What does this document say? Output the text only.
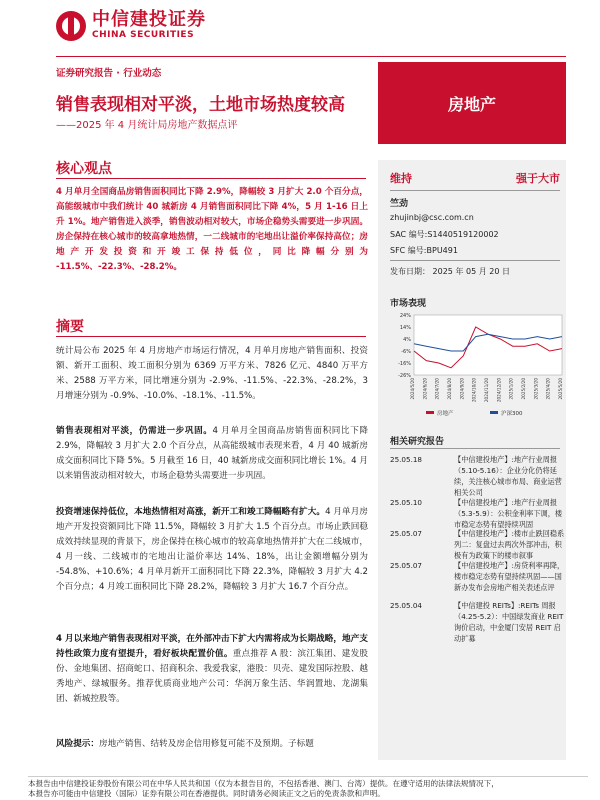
中信建投证券
CHINA SECURITIES
证券研究报告 · 行业动态
销售表现相对平淡，土地市场热度较高
——2025 年 4 月统计局房地产数据点评
房地产
核心观点
4 月单月全国商品房销售面积同比下降 2.9%，降幅较 3 月扩大 2.0 个百分点，高能级城市中我们统计 40 城新房 4 月销售面积同比下降 4%，5 月 1-16 日上升 1%。地产销售进入淡季，销售波动相对较大，市场企稳势头需要进一步巩固。房企保持在核心城市的较高拿地热情，一二线城市的宅地出让溢价率保持高位；房地产开发投资和开竣工保持低位，同比降幅分别为 -11.5%、-22.3%、-28.2%。
摘要
统计局公布 2025 年 4 月房地产市场运行情况，4 月单月房地产销售面积、投资额、新开工面积、竣工面积分别为 6369 万平方米、7826 亿元、4840 万平方米、2588 万平方米，同比增速分别为 -2.9%、-11.5%、-22.3%、-28.2%，3 月增速分别为 -0.9%、-10.0%、-18.1%、-11.5%。
销售表现相对平淡，仍需进一步巩固。4 月单月全国商品房销售面积同比下降 2.9%，降幅较 3 月扩大 2.0 个百分点，从高能级城市表现来看，4 月 40 城新房成交面积同比下降 5%。5 月截至 16 日，40 城新房成交面积同比增长 1%。4 月以来销售波动相对较大，市场企稳势头需要进一步巩固。
投资增速保持低位，本地热情相对高涨，新开工和竣工降幅略有扩大。4 月单月房地产开发投资额同比下降 11.5%，降幅较 3 月扩大 1.5 个百分点。市场止跌回稳成效持续显现的背景下，房企保持在核心城市的较高拿地热情并扩大在二线城市，4 月一线、二线城市的宅地出让溢价率达 14%、18%，出让金额增幅分别为 -54.8%、+10.6%；4 月单月新开工面积同比下降 22.3%，降幅较 3 月扩大 4.2 个百分点；4 月竣工面积同比下降 28.2%，降幅较 3 月扩大 16.7 个百分点。
4 月以来地产销售表现相对平淡，在外部冲击下扩大内需将成为长期战略，地产支持性政策力度有望提升，看好板块配置价值。重点推荐 A 股：滨江集团、建发股份、金地集团、招商蛇口、招商积余、我爱我家，港股：贝壳、建发国际控股、越秀地产、绿城服务。推荐优质商业地产公司：华润万象生活、华润置地、龙湖集团、新城控股等。
风险提示：房地产销售、结转及房企信用修复可能不及预期。子标题
维持	强于大市
竺劲
zhujinbj@csc.com.cn
SAC 编号:S1440519120002
SFC 编号:BPU491
发布日期： 2025 年 05 月 20 日
市场表现
24%
14%
4%
-6%
-16%
-26%
2024/5/20 2024/6/20 2024/7/20 2024/8/20 2024/9/20 2024/10/20 2024/11/20 2024/12/20 2025/1/20 2025/2/20 2025/3/20 2025/4/20 2025/5/20
房地产	沪深300
相关研究报告
25.05.18	【中信建投地产】:地产行业周报（5.10-5.16）：企业分化仍将延续，关注核心城市布局、商业运营相关公司
25.05.10	【中信建投地产】:地产行业周报（5.3-5.9）：公积金利率下调，楼市稳定态势有望持续巩固
25.05.07	【中信建投地产】:楼市止跌回稳系列二：复盘过去两次外部冲击，积极有为政策下的楼市叙事
25.05.07	【中信建投地产】:房贷利率再降，楼市稳定态势有望持续巩固——国新办发布会房地产相关表述点评
25.05.04	【中信建投 REITs】:REITs 周报（4.25-5.2）：中国绿发商业 REIT 询价启动，中金厦门安居 REIT 启动扩募
本报告由中信建投证券股份有限公司在中华人民共和国（仅为本报告目的，不包括香港、澳门、台湾）提供。在遵守适用的法律法规情况下，
本报告亦可能由中信建投（国际）证券有限公司在香港提供。同时请务必阅读正文之后的免责条款和声明。
